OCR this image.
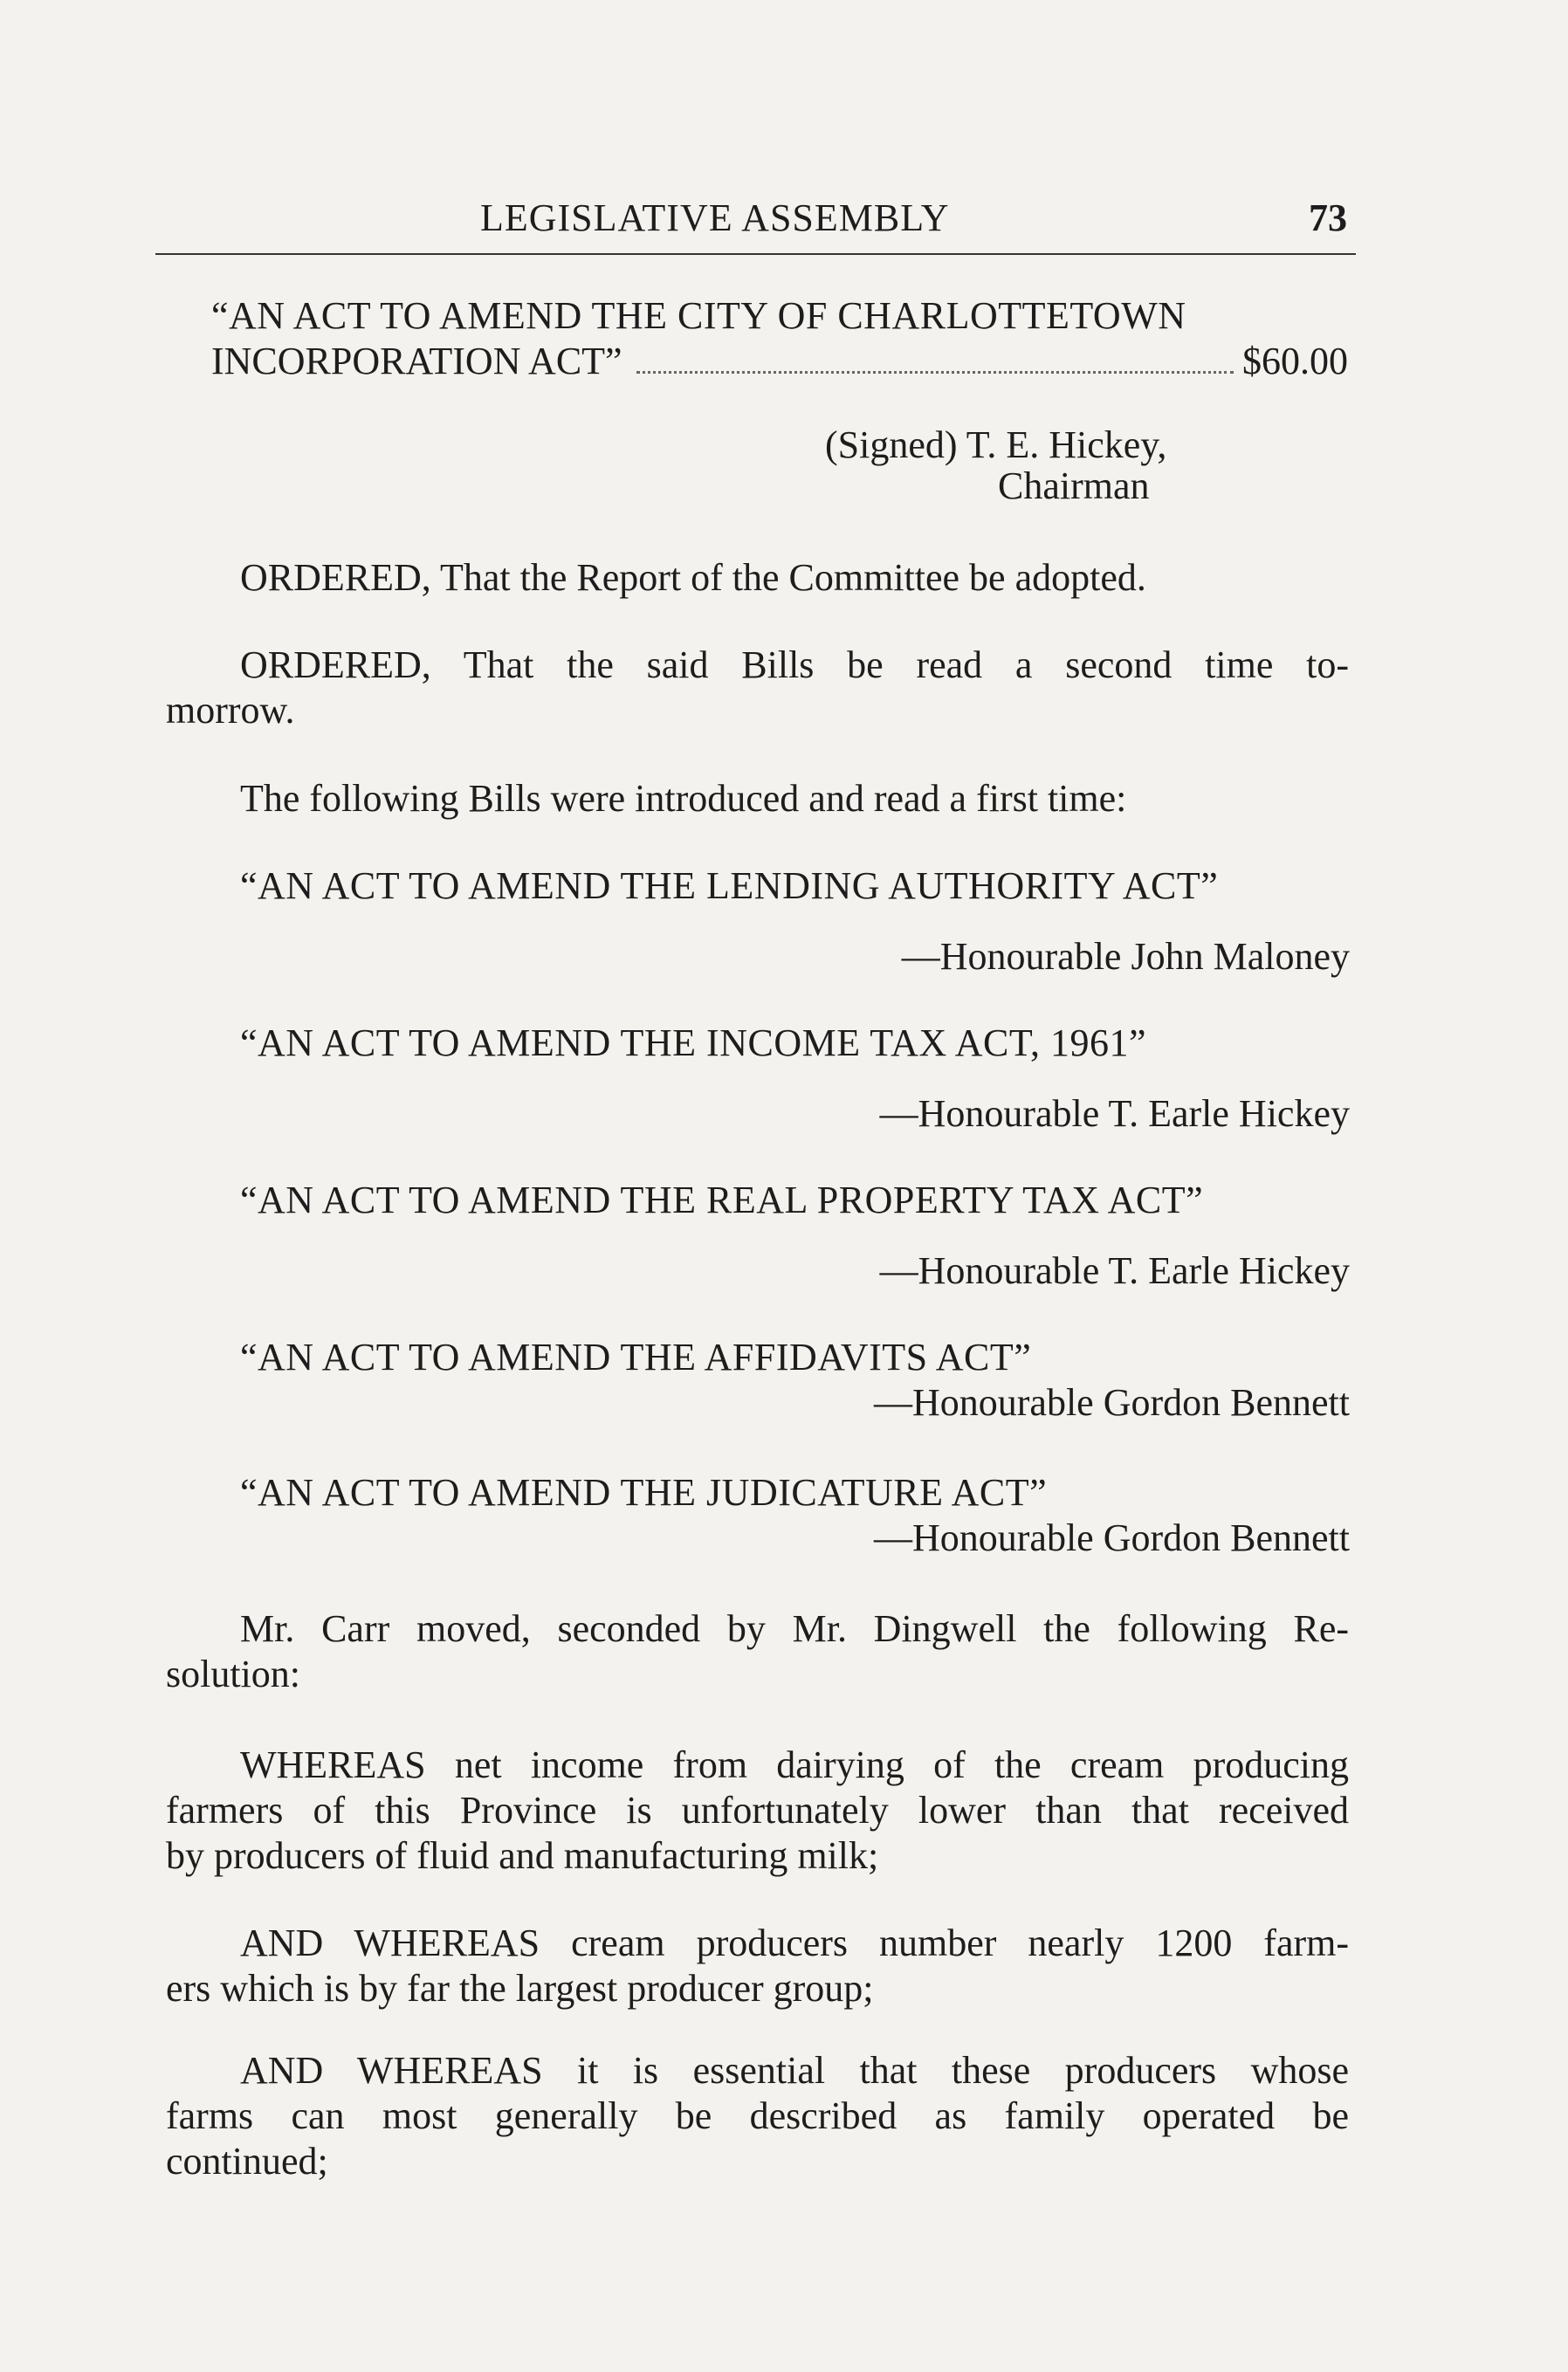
LEGISLATIVE ASSEMBLY	73
“AN ACT TO AMEND THE CITY OF CHARLOTTETOWN
INCORPORATION ACT”	$60.00
(Signed) T. E. Hickey,
Chairman
ORDERED, That the Report of the Committee be adopted.
ORDERED, That the said Bills be read a second time to-
morrow.
The following Bills were introduced and read a first time:
“AN ACT TO AMEND THE LENDING AUTHORITY ACT”
—Honourable John Maloney
“AN ACT TO AMEND THE INCOME TAX ACT, 1961”
—Honourable T. Earle Hickey
“AN ACT TO AMEND THE REAL PROPERTY TAX ACT”
—Honourable T. Earle Hickey
“AN ACT TO AMEND THE AFFIDAVITS ACT”
—Honourable Gordon Bennett
“AN ACT TO AMEND THE JUDICATURE ACT”
—Honourable Gordon Bennett
Mr. Carr moved, seconded by Mr. Dingwell the following Re-
solution:
WHEREAS net income from dairying of the cream producing
farmers of this Province is unfortunately lower than that received
by producers of fluid and manufacturing milk;
AND WHEREAS cream producers number nearly 1200 farm-
ers which is by far the largest producer group;
AND WHEREAS it is essential that these producers whose
farms can most generally be described as family operated be
continued;
